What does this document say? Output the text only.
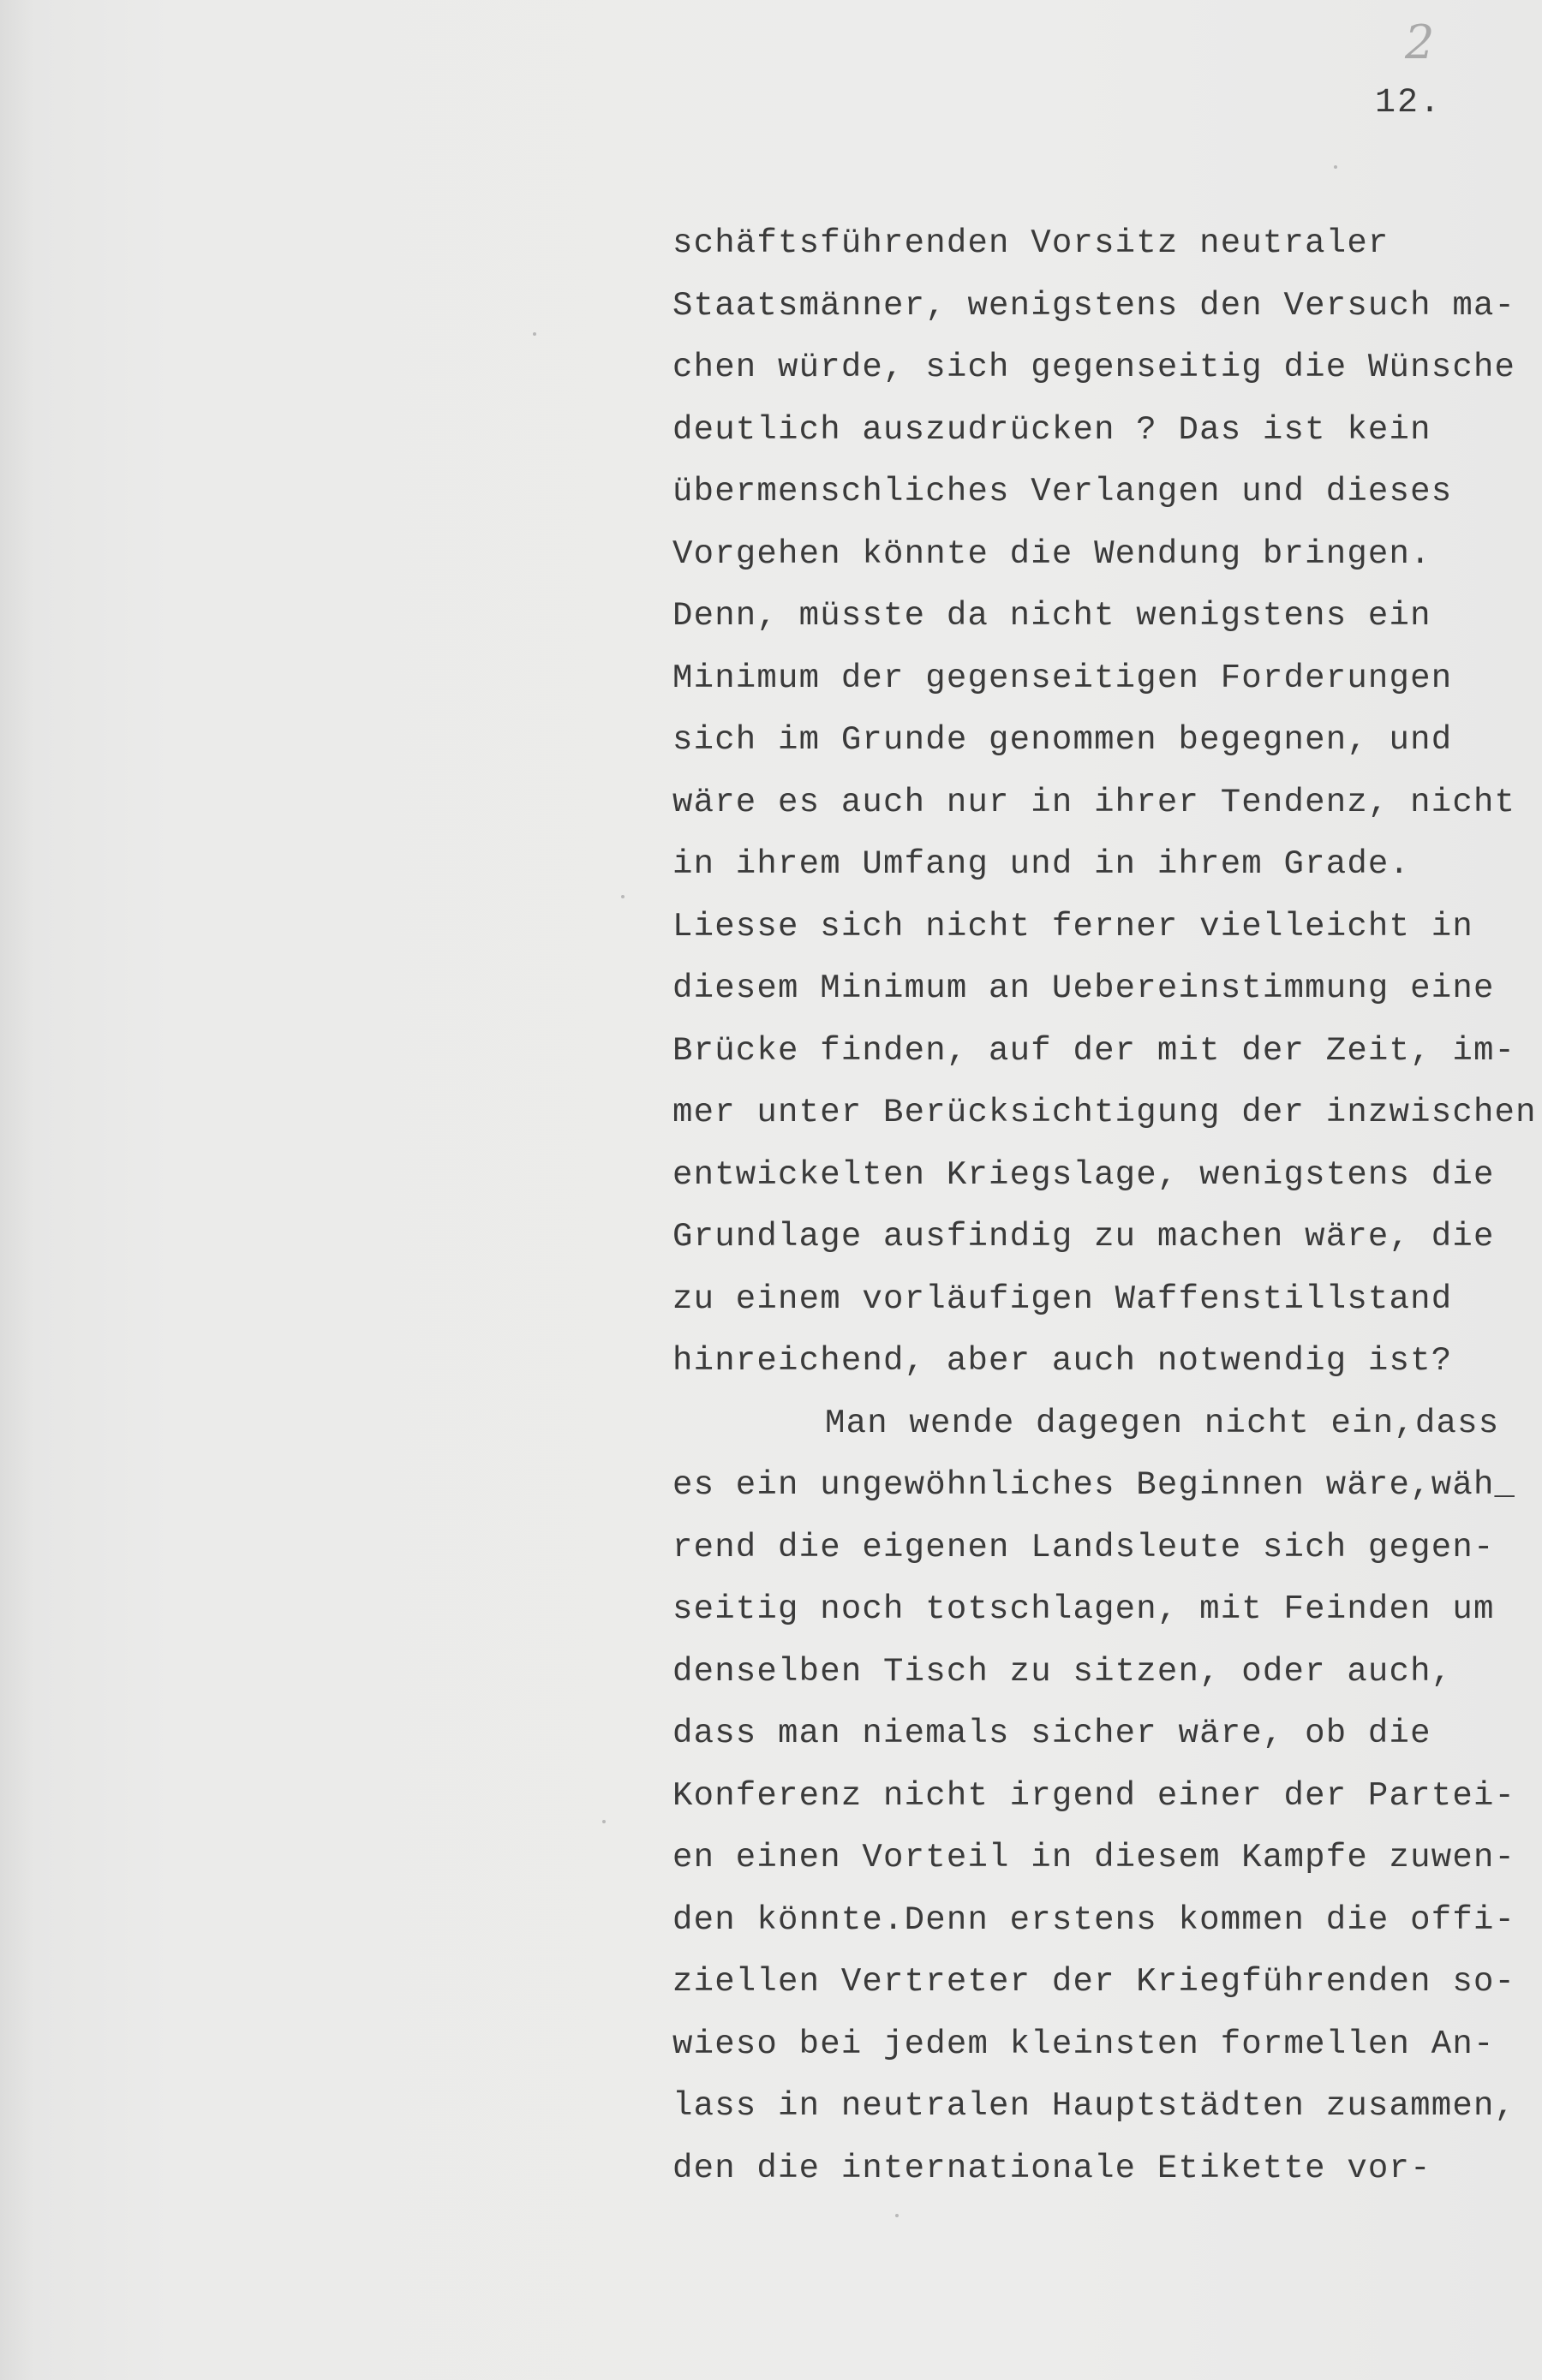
2
12.
schäftsführenden Vorsitz neutraler
Staatsmänner, wenigstens den Versuch ma-
chen würde, sich gegenseitig die Wünsche
deutlich auszudrücken ? Das ist kein
übermenschliches Verlangen und dieses
Vorgehen könnte die Wendung bringen.
Denn, müsste da nicht wenigstens ein
Minimum der gegenseitigen Forderungen
sich im Grunde genommen begegnen, und
wäre es auch nur in ihrer Tendenz, nicht
in ihrem Umfang und in ihrem Grade.
Liesse sich nicht ferner vielleicht in
diesem Minimum an Uebereinstimmung eine
Brücke finden, auf der mit der Zeit, im-
mer unter Berücksichtigung der inzwischen
entwickelten Kriegslage, wenigstens die
Grundlage ausfindig zu machen wäre, die
zu einem vorläufigen Waffenstillstand
hinreichend, aber auch notwendig ist?
Man wende dagegen nicht ein,dass
es ein ungewöhnliches Beginnen wäre,wäh_
rend die eigenen Landsleute sich gegen-
seitig noch totschlagen, mit Feinden um
denselben Tisch zu sitzen, oder auch,
dass man niemals sicher wäre, ob die
Konferenz nicht irgend einer der Partei-
en einen Vorteil in diesem Kampfe zuwen-
den könnte.Denn erstens kommen die offi-
ziellen Vertreter der Kriegführenden so-
wieso bei jedem kleinsten formellen An-
lass in neutralen Hauptstädten zusammen,
den die internationale Etikette vor-
